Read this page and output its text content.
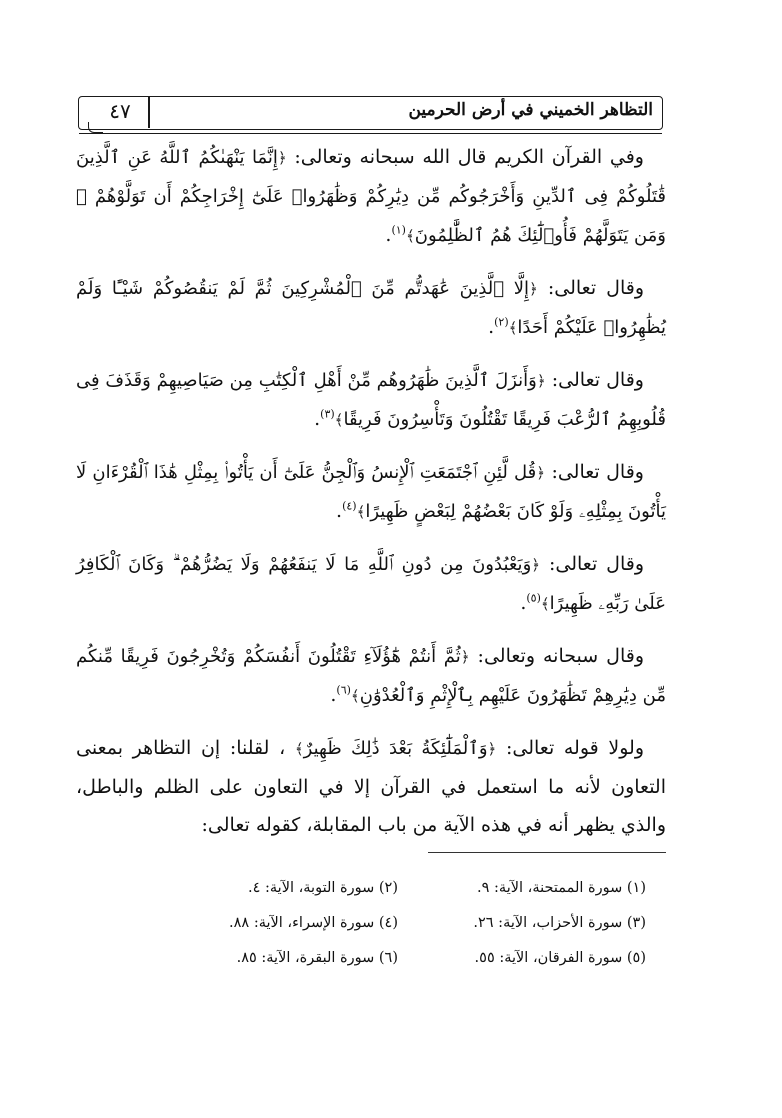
التظاهر الخميني في أرض الحرمين
٤٧

وفي القرآن الكريم قال الله سبحانه وتعالى: ﴿إِنَّمَا يَنْهَىٰكُمُ ٱللَّهُ عَنِ ٱلَّذِينَ قَٰتَلُوكُمْ فِى ٱلدِّينِ وَأَخْرَجُوكُم مِّن دِيَٰرِكُمْ وَظَٰهَرُوا۟ عَلَىٰٓ إِخْرَاجِكُمْ أَن تَوَلَّوْهُمْ ۚ وَمَن يَتَوَلَّهُمْ فَأُو۟لَٰٓئِكَ هُمُ ٱلظَّٰلِمُونَ﴾$^{(١)}$.

وقال تعالى: ﴿إِلَّا ٱلَّذِينَ عَٰهَدتُّم مِّنَ ٱلْمُشْرِكِينَ ثُمَّ لَمْ يَنقُصُوكُمْ شَيْـًٔا وَلَمْ يُظَٰهِرُوا۟ عَلَيْكُمْ أَحَدًا﴾$^{(٢)}$.

وقال تعالى: ﴿وَأَنزَلَ ٱلَّذِينَ ظَٰهَرُوهُم مِّنْ أَهْلِ ٱلْكِتَٰبِ مِن صَيَاصِيهِمْ وَقَذَفَ فِى قُلُوبِهِمُ ٱلرُّعْبَ فَرِيقًا تَقْتُلُونَ وَتَأْسِرُونَ فَرِيقًا﴾$^{(٣)}$.

وقال تعالى: ﴿قُل لَّئِنِ ٱجْتَمَعَتِ ٱلْإِنسُ وَٱلْجِنُّ عَلَىٰٓ أَن يَأْتُوا۟ بِمِثْلِ هَٰذَا ٱلْقُرْءَانِ لَا يَأْتُونَ بِمِثْلِهِۦ وَلَوْ كَانَ بَعْضُهُمْ لِبَعْضٍ ظَهِيرًا﴾$^{(٤)}$.

وقال تعالى: ﴿وَيَعْبُدُونَ مِن دُونِ ٱللَّهِ مَا لَا يَنفَعُهُمْ وَلَا يَضُرُّهُمْ ۗ وَكَانَ ٱلْكَافِرُ عَلَىٰ رَبِّهِۦ ظَهِيرًا﴾$^{(٥)}$.

وقال سبحانه وتعالى: ﴿ثُمَّ أَنتُمْ هَٰٓؤُلَآءِ تَقْتُلُونَ أَنفُسَكُمْ وَتُخْرِجُونَ فَرِيقًا مِّنكُم مِّن دِيَٰرِهِمْ تَظَٰهَرُونَ عَلَيْهِم بِٱلْإِثْمِ وَٱلْعُدْوَٰنِ﴾$^{(٦)}$.

ولولا قوله تعالى: ﴿وَٱلْمَلَٰٓئِكَةُ بَعْدَ ذَٰلِكَ ظَهِيرٌ﴾ ، لقلنا: إن التظاهر بمعنى التعاون لأنه ما استعمل في القرآن إلا في التعاون على الظلم والباطل، والذي يظهر أنه في هذه الآية من باب المقابلة، كقوله تعالى:

(١) سورة الممتحنة، الآية: ٩.
(٢) سورة التوبة، الآية: ٤.
(٣) سورة الأحزاب، الآية: ٢٦.
(٤) سورة الإسراء، الآية: ٨٨.
(٥) سورة الفرقان، الآية: ٥٥.
(٦) سورة البقرة، الآية: ٨٥.
